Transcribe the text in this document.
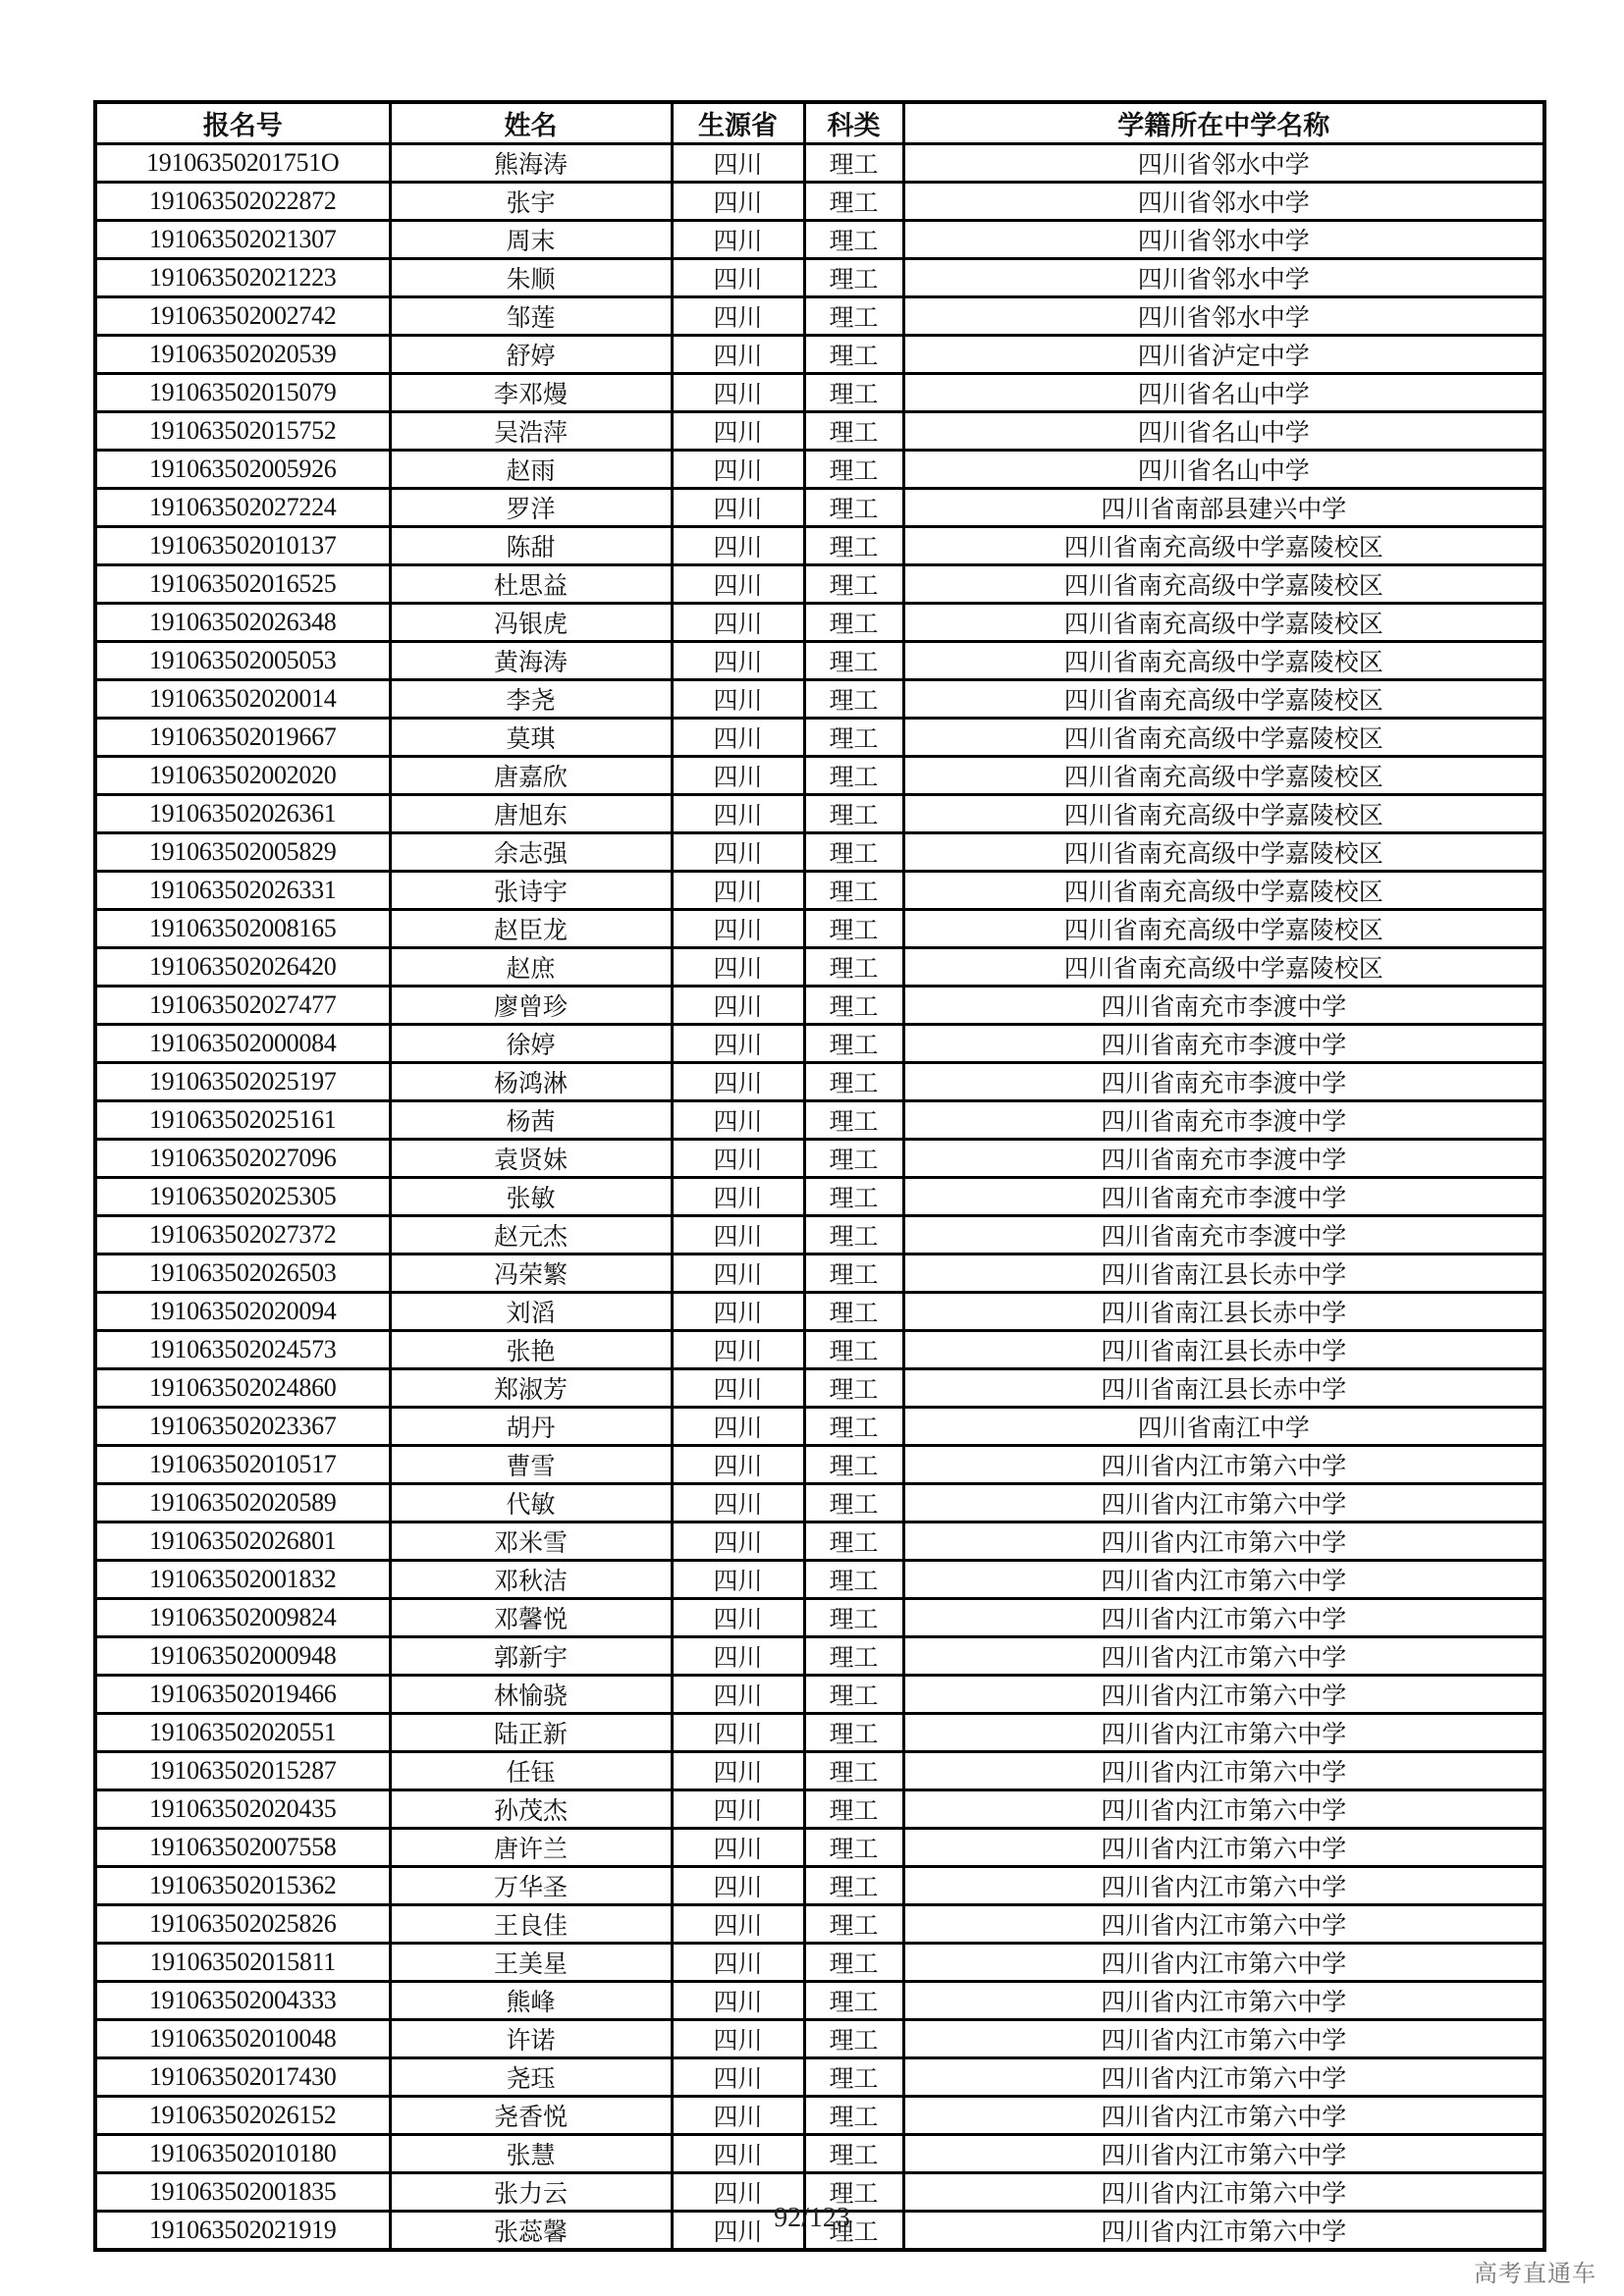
报名号	姓名	生源省	科类	学籍所在中学名称
19106350201751O	熊海涛	四川	理工	四川省邻水中学
191063502022872	张宇	四川	理工	四川省邻水中学
191063502021307	周末	四川	理工	四川省邻水中学
191063502021223	朱顺	四川	理工	四川省邻水中学
191063502002742	邹莲	四川	理工	四川省邻水中学
191063502020539	舒婷	四川	理工	四川省泸定中学
191063502015079	李邓熳	四川	理工	四川省名山中学
191063502015752	吴浩萍	四川	理工	四川省名山中学
191063502005926	赵雨	四川	理工	四川省名山中学
191063502027224	罗洋	四川	理工	四川省南部县建兴中学
191063502010137	陈甜	四川	理工	四川省南充高级中学嘉陵校区
191063502016525	杜思益	四川	理工	四川省南充高级中学嘉陵校区
191063502026348	冯银虎	四川	理工	四川省南充高级中学嘉陵校区
191063502005053	黄海涛	四川	理工	四川省南充高级中学嘉陵校区
191063502020014	李尧	四川	理工	四川省南充高级中学嘉陵校区
191063502019667	莫琪	四川	理工	四川省南充高级中学嘉陵校区
191063502002020	唐嘉欣	四川	理工	四川省南充高级中学嘉陵校区
191063502026361	唐旭东	四川	理工	四川省南充高级中学嘉陵校区
191063502005829	余志强	四川	理工	四川省南充高级中学嘉陵校区
191063502026331	张诗宇	四川	理工	四川省南充高级中学嘉陵校区
191063502008165	赵臣龙	四川	理工	四川省南充高级中学嘉陵校区
191063502026420	赵庶	四川	理工	四川省南充高级中学嘉陵校区
191063502027477	廖曾珍	四川	理工	四川省南充市李渡中学
191063502000084	徐婷	四川	理工	四川省南充市李渡中学
191063502025197	杨鸿淋	四川	理工	四川省南充市李渡中学
191063502025161	杨茜	四川	理工	四川省南充市李渡中学
191063502027096	袁贤妹	四川	理工	四川省南充市李渡中学
191063502025305	张敏	四川	理工	四川省南充市李渡中学
191063502027372	赵元杰	四川	理工	四川省南充市李渡中学
191063502026503	冯荣繁	四川	理工	四川省南江县长赤中学
191063502020094	刘滔	四川	理工	四川省南江县长赤中学
191063502024573	张艳	四川	理工	四川省南江县长赤中学
191063502024860	郑淑芳	四川	理工	四川省南江县长赤中学
191063502023367	胡丹	四川	理工	四川省南江中学
191063502010517	曹雪	四川	理工	四川省内江市第六中学
191063502020589	代敏	四川	理工	四川省内江市第六中学
191063502026801	邓米雪	四川	理工	四川省内江市第六中学
191063502001832	邓秋洁	四川	理工	四川省内江市第六中学
191063502009824	邓馨悦	四川	理工	四川省内江市第六中学
191063502000948	郭新宇	四川	理工	四川省内江市第六中学
191063502019466	林愉骁	四川	理工	四川省内江市第六中学
191063502020551	陆正新	四川	理工	四川省内江市第六中学
191063502015287	任钰	四川	理工	四川省内江市第六中学
191063502020435	孙茂杰	四川	理工	四川省内江市第六中学
191063502007558	唐许兰	四川	理工	四川省内江市第六中学
191063502015362	万华圣	四川	理工	四川省内江市第六中学
191063502025826	王良佳	四川	理工	四川省内江市第六中学
191063502015811	王美星	四川	理工	四川省内江市第六中学
191063502004333	熊峰	四川	理工	四川省内江市第六中学
191063502010048	许诺	四川	理工	四川省内江市第六中学
191063502017430	尧珏	四川	理工	四川省内江市第六中学
191063502026152	尧香悦	四川	理工	四川省内江市第六中学
191063502010180	张慧	四川	理工	四川省内江市第六中学
191063502001835	张力云	四川	理工	四川省内江市第六中学
191063502021919	张蕊馨	四川	理工	四川省内江市第六中学
92/123
高考直通车
